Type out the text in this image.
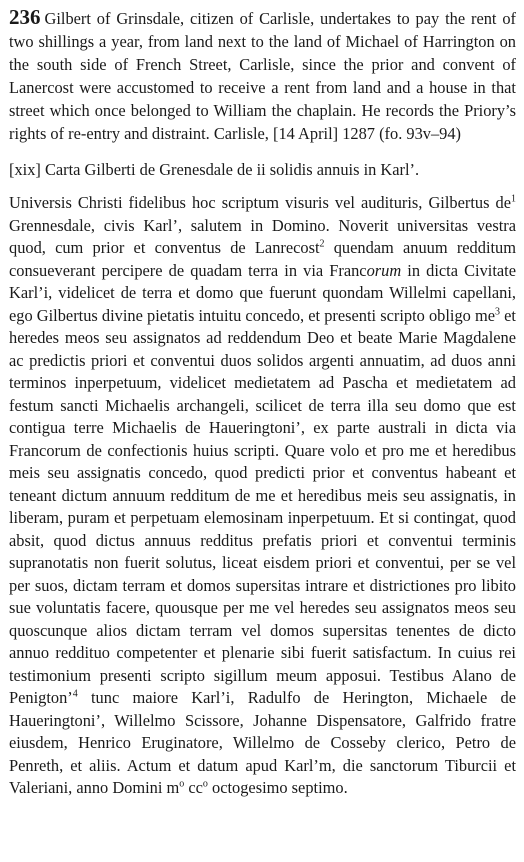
236 Gilbert of Grinsdale, citizen of Carlisle, undertakes to pay the rent of two shillings a year, from land next to the land of Michael of Harrington on the south side of French Street, Carlisle, since the prior and convent of Lanercost were accustomed to receive a rent from land and a house in that street which once belonged to William the chaplain. He records the Priory’s rights of re-entry and distraint. Carlisle, [14 April] 1287 (fo. 93v–94)

[xix] Carta Gilberti de Grenesdale de ii solidis annuis in Karl’.

Universis Christi fidelibus hoc scriptum visuris vel audituris, Gilbertus $de^1$ Grennesdale, civis Karl’, salutem in Domino. Noverit universitas vestra quod, cum prior et conventus de Lanrecost$^2$ quendam anuum redditum consueverant percipere de quadam terra in via Francorum in dicta Civitate Karl’i, videlicet de terra et domo que fuerunt quondam Willelmi capellani, ego Gilbertus divine pietatis intuitu concedo, et presenti scripto obligo $me^3$ et heredes meos seu assignatos ad reddendum Deo et beate Marie Magdalene ac predictis priori et conventui duos solidos argenti annuatim, ad duos anni terminos inperpetuum, videlicet medietatem ad Pascha et medietatem ad festum sancti Michaelis archangeli, scilicet de terra illa seu domo que est contigua terre Michaelis de Haueringtoni’, ex parte australi in dicta via Francorum de confectionis huius scripti. Quare volo et pro me et heredibus meis seu assignatis concedo, quod predicti prior et conventus habeant et teneant dictum annuum redditum de me et heredibus meis seu assignatis, in liberam, puram et perpetuam elemosinam inperpetuum. Et si contingat, quod absit, quod dictus annuus redditus prefatis priori et conventui terminis supranotatis non fuerit solutus, liceat eisdem priori et conventui, per se vel per suos, dictam terram et domos supersitas intrare et districtiones pro libito sue voluntatis facere, quousque per me vel heredes seu assignatos meos seu quoscunque alios dictam terram vel domos supersitas tenentes de dicto annuo reddituo competenter et plenarie sibi fuerit satisfactum. In cuius rei testimonium presenti scripto sigillum meum apposui. Testibus Alano de Penigton’$^4$ tunc maiore Karl’i, Radulfo de Herington, Michaele de Haueringtoni’, Willelmo Scissore, Johanne Dispensatore, Galfrido fratre eiusdem, Henrico Eruginatore, Willelmo de Cosseby clerico, Petro de Penreth, et aliis. Actum et datum apud Karl’m, die sanctorum Tiburcii et Valeriani, anno Domini $m^o$ $cc^o$ octogesimo septimo.
